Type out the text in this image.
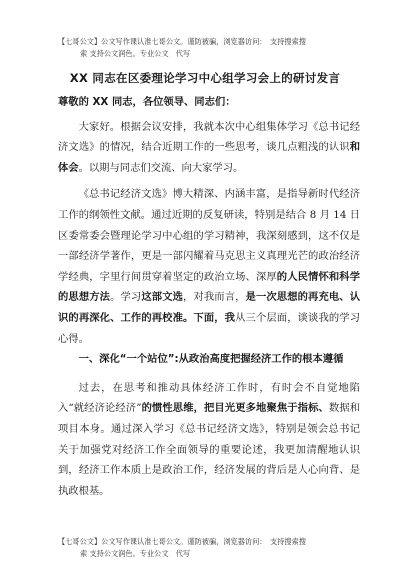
【七哥公文】公文写作课认准七哥公文。谨防被骗，浏览器访问：　支持搜索搜
索 支持公文润色。专业公文　代写
XX 同志在区委理论学习中心组学习会上的研讨发言

尊敬的 XX 同志，各位领导、同志们：

大家好。根据会议安排，我就本次中心组集体学习《总书记经济文选》的情况，结合近期工作的一些思考，谈几点粗浅的认识和体会。以期与同志们交流、向大家学习。

《总书记经济文选》博大精深、内涵丰富，是指导新时代经济工作的纲领性文献。通过近期的反复研读，特别是结合 8 月 14 日区委常委会暨理论学习中心组的学习精神，我深刻感到，这不仅是一部经济学著作，更是一部闪耀着马克思主义真理光芒的政治经济学经典，字里行间贯穿着坚定的政治立场、深厚的人民情怀和科学的思想方法。学习这部文选，对我而言，是一次思想的再充电、认识的再深化、工作的再校准。下面，我从三个层面，谈谈我的学习心得。

一、深化“一个站位”:从政治高度把握经济工作的根本遵循

过去，在思考和推动具体经济工作时，有时会不自觉地陷入“就经济论经济”的惯性思维，把目光更多地聚焦于指标、数据和项目本身。通过深入学习《总书记经济文选》，特别是领会总书记关于加强党对经济工作全面领导的重要论述，我更加清醒地认识到，经济工作本质上是政治工作，经济发展的背后是人心向背、是执政根基。

【七哥公文】公文写作课认准七哥公文。谨防被骗，浏览器访问：　支持搜索搜
索 支持公文润色。专业公文　代写
